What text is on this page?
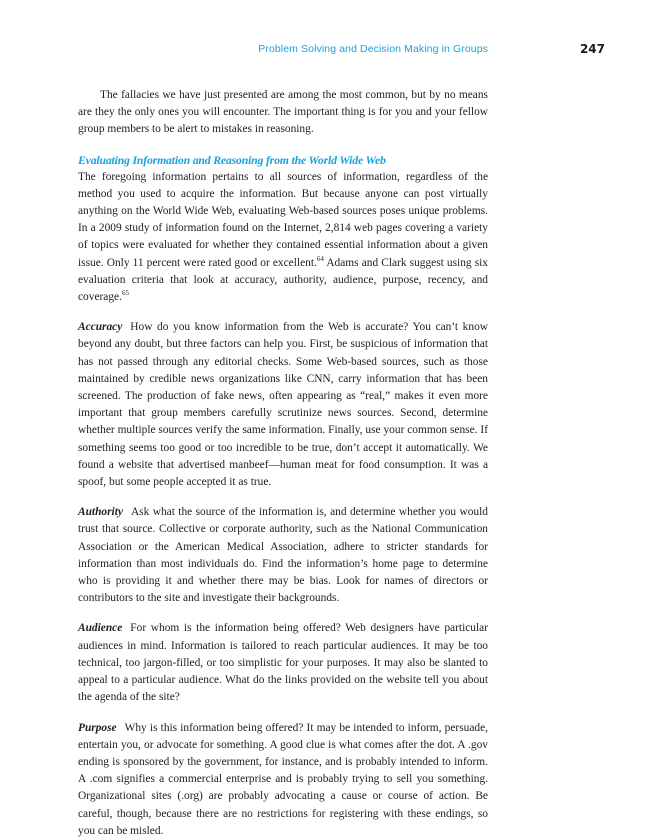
Problem Solving and Decision Making in Groups	247

The fallacies we have just presented are among the most common, but by no means are they the only ones you will encounter. The important thing is for you and your fellow group members to be alert to mistakes in reasoning.

Evaluating Information and Reasoning from the World Wide Web

The foregoing information pertains to all sources of information, regardless of the method you used to acquire the information. But because anyone can post virtually anything on the World Wide Web, evaluating Web-based sources poses unique problems. In a 2009 study of information found on the Internet, 2,814 web pages covering a variety of topics were evaluated for whether they contained essential information about a given issue. Only 11 percent were rated good or excellent.$^{64}$ Adams and Clark suggest using six evaluation criteria that look at accuracy, authority, audience, purpose, recency, and coverage.$^{65}$

Accuracy How do you know information from the Web is accurate? You can’t know beyond any doubt, but three factors can help you. First, be suspicious of information that has not passed through any editorial checks. Some Web-based sources, such as those maintained by credible news organizations like CNN, carry information that has been screened. The production of fake news, often appearing as “real,” makes it even more important that group members carefully scrutinize news sources. Second, determine whether multiple sources verify the same information. Finally, use your common sense. If something seems too good or too incredible to be true, don’t accept it automatically. We found a website that advertised manbeef—human meat for food consumption. It was a spoof, but some people accepted it as true.

Authority Ask what the source of the information is, and determine whether you would trust that source. Collective or corporate authority, such as the National Communication Association or the American Medical Association, adhere to stricter standards for information than most individuals do. Find the information’s home page to determine who is providing it and whether there may be bias. Look for names of directors or contributors to the site and investigate their backgrounds.

Audience For whom is the information being offered? Web designers have particular audiences in mind. Information is tailored to reach particular audiences. It may be too technical, too jargon-filled, or too simplistic for your purposes. It may also be slanted to appeal to a particular audience. What do the links provided on the website tell you about the agenda of the site?

Purpose Why is this information being offered? It may be intended to inform, persuade, entertain you, or advocate for something. A good clue is what comes after the dot. A .gov ending is sponsored by the government, for instance, and is probably intended to inform. A .com signifies a commercial enterprise and is probably trying to sell you something. Organizational sites (.org) are probably advocating a cause or course of action. Be careful, though, because there are no restrictions for registering with these endings, so you can be misled.
